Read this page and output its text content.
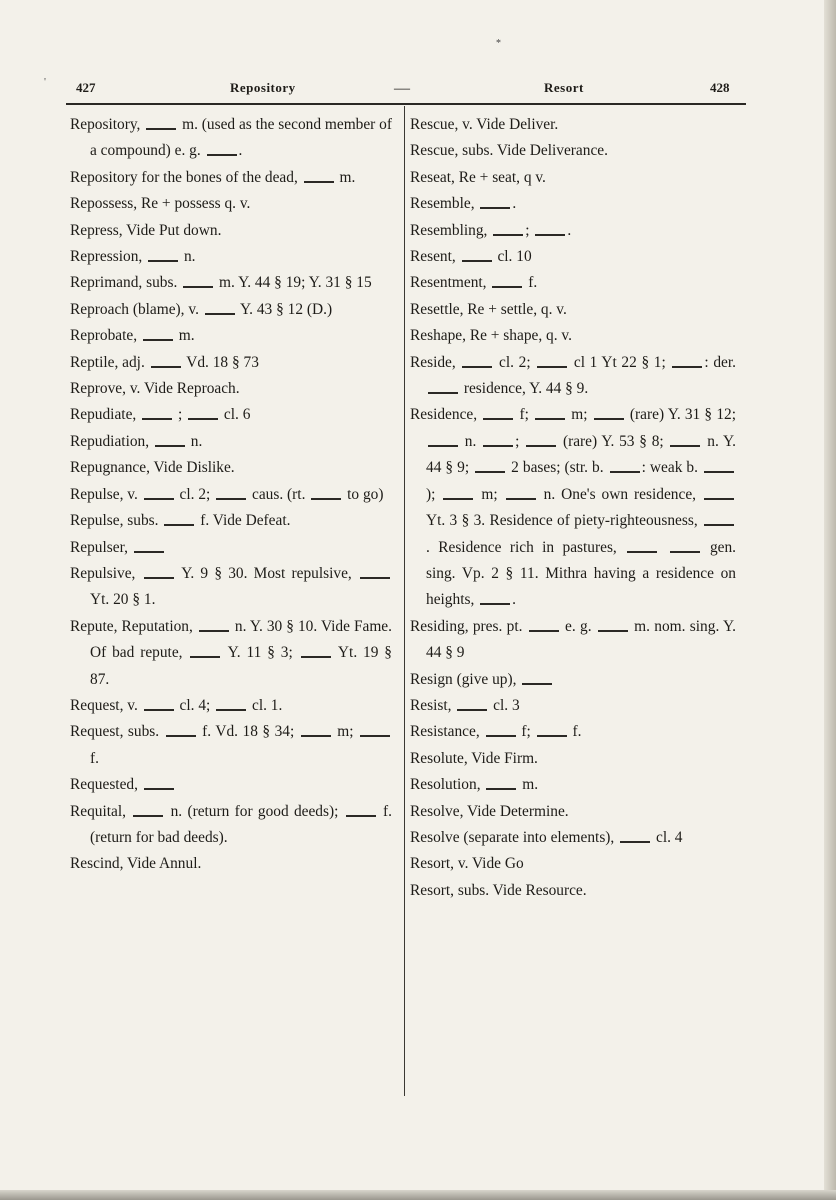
*
' 427	Repository	—	Resort	428
Repository,  m. (used as the second member of a compound) e. g. .
Repository for the bones of the dead,  m.
Repossess, Re + possess q. v.
Repress, Vide Put down.
Repression,  n.
Reprimand, subs.  m. Y. 44 § 19; Y. 31 § 15
Reproach (blame), v.  Y. 43 § 12 (D.)
Reprobate,  m.
Reptile, adj.  Vd. 18 § 73
Reprove, v. Vide Reproach.
Repudiate,  ;  cl. 6
Repudiation,  n.
Repugnance, Vide Dislike.
Repulse, v.  cl. 2;  caus. (rt.  to go)
Repulse, subs.  f. Vide Defeat.
Repulser,
Repulsive,  Y. 9 § 30. Most repulsive,  Yt. 20 § 1.
Repute, Reputation,  n. Y. 30 § 10. Vide Fame. Of bad repute,  Y. 11 § 3;  Yt. 19 § 87.
Request, v.  cl. 4;  cl. 1.
Request, subs.  f. Vd. 18 § 34;  m;  f.
Requested,
Requital,  n. (return for good deeds);  f. (return for bad deeds).
Rescind, Vide Annul.
Rescue, v. Vide Deliver.
Rescue, subs. Vide Deliverance.
Reseat, Re + seat, q v.
Resemble, .
Resembling, ; .
Resent,  cl. 10
Resentment,  f.
Resettle, Re + settle, q. v.
Reshape, Re + shape, q. v.
Reside,  cl. 2;  cl 1 Yt 22 § 1; : der.  residence, Y. 44 § 9.
Residence,  f;  m;  (rare) Y. 31 § 12;  n. ;  (rare) Y. 53 § 8;  n. Y. 44 § 9;  2 bases; (str. b. : weak b. );  m;  n. One's own residence,  Yt. 3 § 3. Residence of piety-righteousness, . Residence rich in pastures,	gen. sing. Vp. 2 § 11. Mithra having a residence on heights, .
Residing, pres. pt.  e. g.  m. nom. sing. Y. 44 § 9
Resign (give up),
Resist,  cl. 3
Resistance,  f;  f.
Resolute, Vide Firm.
Resolution,  m.
Resolve, Vide Determine.
Resolve (separate into elements),  cl. 4
Resort, v. Vide Go
Resort, subs. Vide Resource.
